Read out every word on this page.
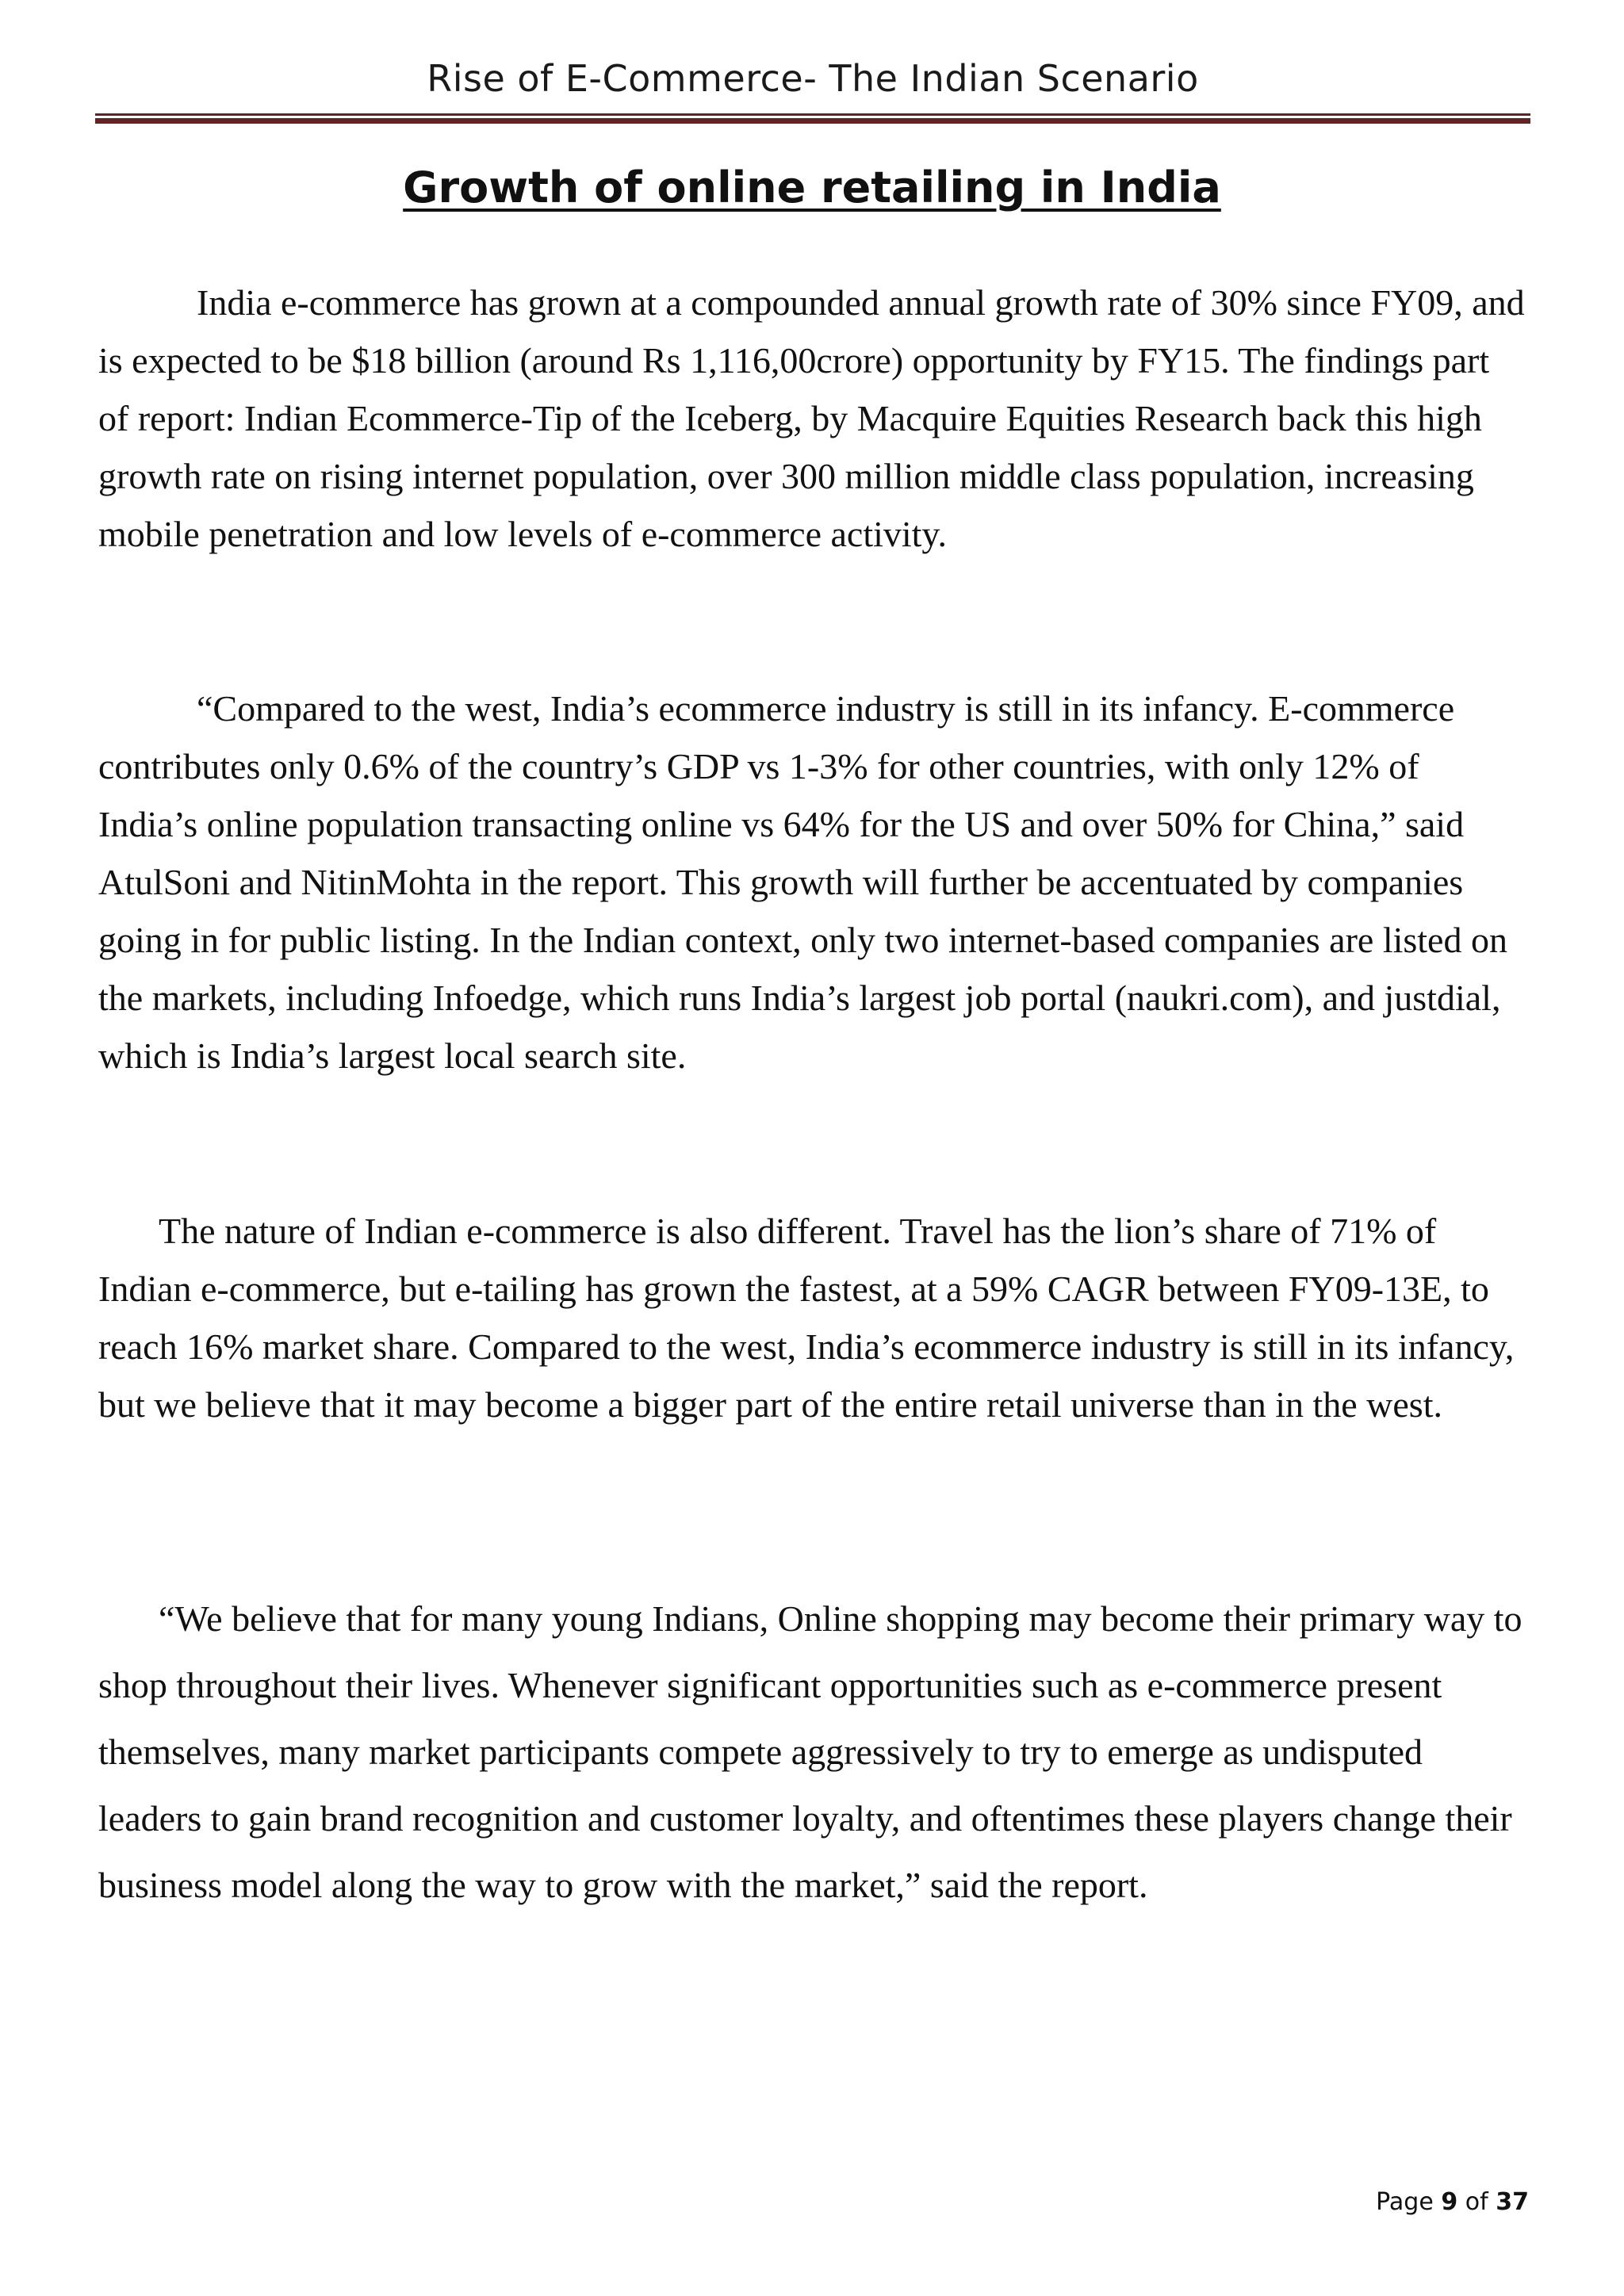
Rise of E-Commerce- The Indian Scenario
Growth of online retailing in India

India e-commerce has grown at a compounded annual growth rate of 30% since FY09, and is expected to be $18 billion (around Rs 1,116,00crore) opportunity by FY15. The findings part of report: Indian Ecommerce-Tip of the Iceberg, by Macquire Equities Research back this high growth rate on rising internet population, over 300 million middle class population, increasing mobile penetration and low levels of e-commerce activity.

“Compared to the west, India’s ecommerce industry is still in its infancy. E-commerce contributes only 0.6% of the country’s GDP vs 1-3% for other countries, with only 12% of India’s online population transacting online vs 64% for the US and over 50% for China,” said AtulSoni and NitinMohta in the report. This growth will further be accentuated by companies going in for public listing. In the Indian context, only two internet-based companies are listed on the markets, including Infoedge, which runs India’s largest job portal (naukri.com), and justdial, which is India’s largest local search site.

The nature of Indian e-commerce is also different. Travel has the lion’s share of 71% of Indian e-commerce, but e-tailing has grown the fastest, at a 59% CAGR between FY09-13E, to reach 16% market share. Compared to the west, India’s ecommerce industry is still in its infancy, but we believe that it may become a bigger part of the entire retail universe than in the west.

“We believe that for many young Indians, Online shopping may become their primary way to shop throughout their lives. Whenever significant opportunities such as e-commerce present themselves, many market participants compete aggressively to try to emerge as undisputed leaders to gain brand recognition and customer loyalty, and oftentimes these players change their business model along the way to grow with the market,” said the report.

Page 9 of 37
